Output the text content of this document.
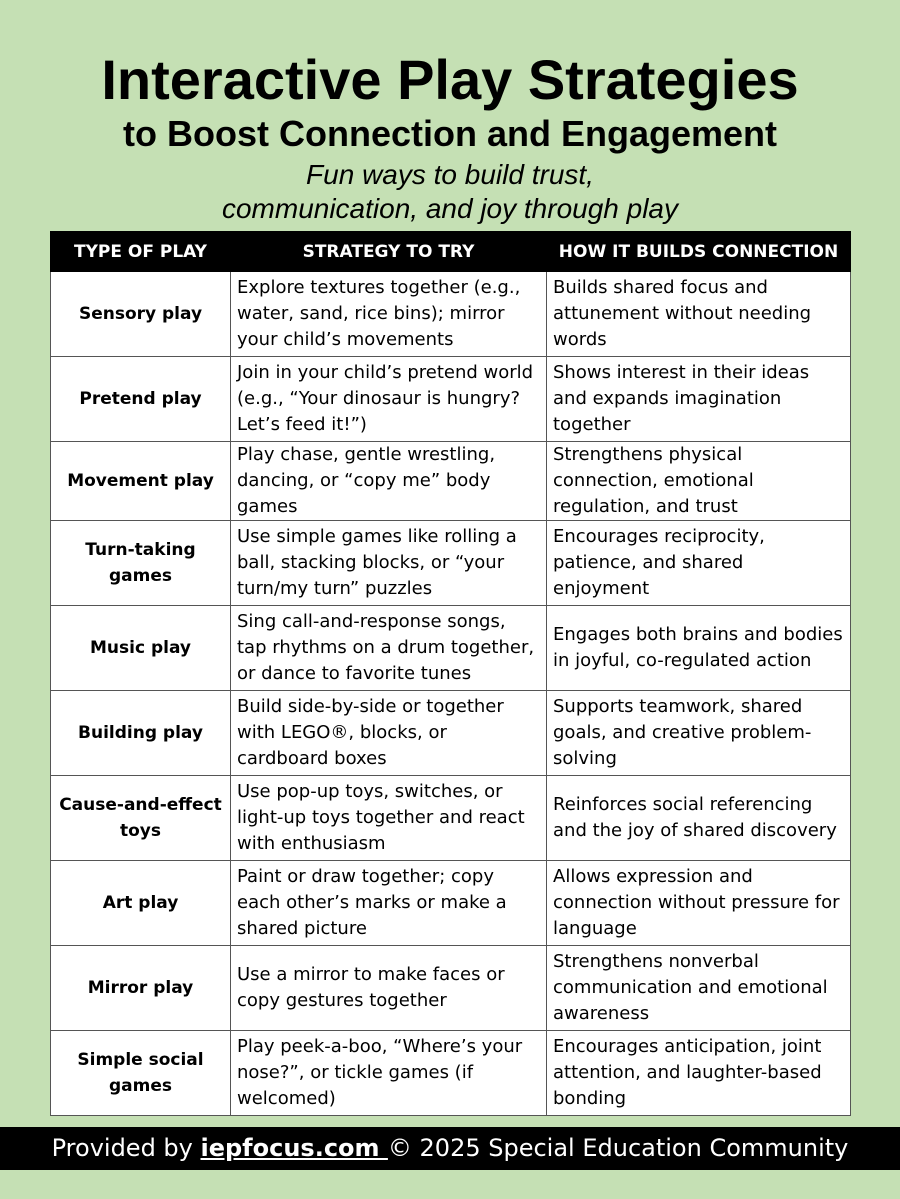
Interactive Play Strategies
to Boost Connection and Engagement
Fun ways to build trust,
communication, and joy through play
TYPE OF PLAY	STRATEGY TO TRY	HOW IT BUILDS CONNECTION
Sensory play	Explore textures together (e.g., water, sand, rice bins); mirror your child’s movements	Builds shared focus and attunement without needing words
Pretend play	Join in your child’s pretend world (e.g., “Your dinosaur is hungry? Let’s feed it!”)	Shows interest in their ideas and expands imagination together
Movement play	Play chase, gentle wrestling, dancing, or “copy me” body games	Strengthens physical connection, emotional regulation, and trust
Turn-taking games	Use simple games like rolling a ball, stacking blocks, or “your turn/my turn” puzzles	Encourages reciprocity, patience, and shared enjoyment
Music play	Sing call-and-response songs, tap rhythms on a drum together, or dance to favorite tunes	Engages both brains and bodies in joyful, co-regulated action
Building play	Build side-by-side or together with LEGO®, blocks, or cardboard boxes	Supports teamwork, shared goals, and creative problem-solving
Cause-and-effect toys	Use pop-up toys, switches, or light-up toys together and react with enthusiasm	Reinforces social referencing and the joy of shared discovery
Art play	Paint or draw together; copy each other’s marks or make a shared picture	Allows expression and connection without pressure for language
Mirror play	Use a mirror to make faces or copy gestures together	Strengthens nonverbal communication and emotional awareness
Simple social games	Play peek-a-boo, “Where’s your nose?”, or tickle games (if welcomed)	Encourages anticipation, joint attention, and laughter-based bonding
Provided by iepfocus.com © 2025 Special Education Community
